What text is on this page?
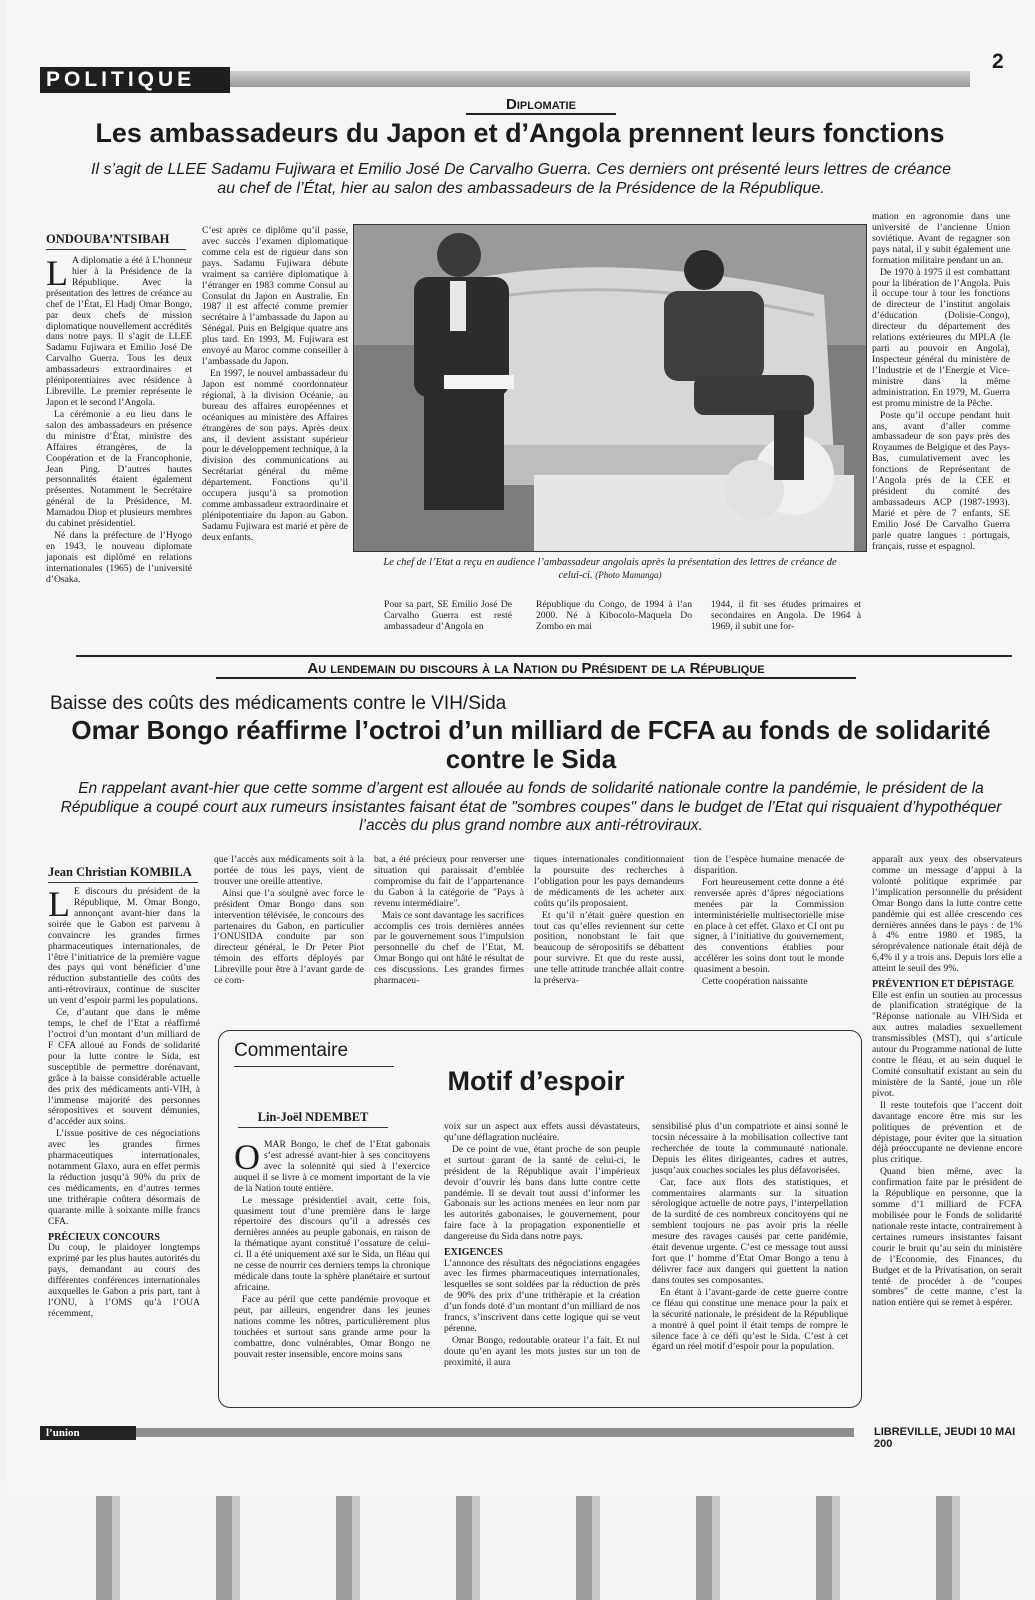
POLITIQUE
2
Diplomatie
Les ambassadeurs du Japon et d’Angola prennent leurs fonctions
Il s’agit de LLEE Sadamu Fujiwara et Emilio José De Carvalho Guerra. Ces derniers ont présenté leurs lettres de créance au chef de l’État, hier au salon des ambassadeurs de la Présidence de la République.
ONDOUBA’NTSIBAH

L A diplomatie a été à L’honneur hier à la Présidence de la République. Avec la présentation des lettres de créance au chef de l’État, El Hadj Omar Bongo, par deux chefs de mission diplomatique nouvellement accrédités dans notre pays. Il s’agit de LLEE Sadamu Fujiwara et Emilio José De Carvalho Guerra. Tous les deux ambassadeurs extraordinaires et plénipotentiaires avec résidence à Libreville. Le premier représente le Japon et le second l’Angola.

La cérémonie a eu lieu dans le salon des ambassadeurs en présence du ministre d’État, ministre des Affaires étrangères, de la Coopération et de la Francophonie, Jean Ping. D’autres hautes personnalités étaient également présentes. Notamment le Secrétaire général de la Présidence, M. Mamadou Diop et plusieurs membres du cabinet présidentiel.

Né dans la préfecture de l’Hyogo en 1943, le nouveau diplomate japonais est diplômé en relations internationales (1965) de l’université d’Osaka.

C’est après ce diplôme qu’il passe, avec succès l’examen diplomatique comme cela est de rigueur dans son pays. Sadamu Fujiwara débute vraiment sa carrière diplomatique à l’étranger en 1983 comme Consul au Consulat du Japon en Australie. En 1987 il est affecté comme premier secrétaire à l’ambassade du Japon au Sénégal. Puis en Belgique quatre ans plus tard. En 1993, M. Fujiwara est envoyé au Maroc comme conseiller à l’ambassade du Japon.

En 1997, le nouvel ambassadeur du Japon est nommé coordonnateur régional, à la division Océanie, au bureau des affaires européennes et océaniques au ministère des Affaires étrangères de son pays. Après deux ans, il devient assistant supérieur pour le développement technique, à la division des communications au Secrétariat général du même département. Fonctions qu’il occupera jusqu’à sa promotion comme ambassadeur extraordinaire et plénipotentiaire du Japon au Gabon. Sadamu Fujiwara est marié et père de deux enfants.

Le chef de l’Etat a reçu en audience l’ambassadeur angolais après la présentation des lettres de créance de celui-ci. (Photo Mamanga)

Pour sa part, SE Emilio José De Carvalho Guerra est resté ambassadeur d’Angola en

République du Congo, de 1994 à l’an 2000. Né à Kibocolo-Maquela Do Zombo en mai

1944, il fit ses études primaires et secondaires en Angola. De 1964 à 1969, il subit une for-

mation en agronomie dans une université de l’ancienne Union soviétique. Avant de regagner son pays natal, il y subit également une formation militaire pendant un an.

De 1970 à 1975 il est combattant pour la libération de l’Angola. Puis il occupe tour à tour les fonctions de directeur de l’institut angolais d’éducation (Dolisie-Congo), directeur du département des relations extérieures du MPLA (le parti au pouvoir en Angola), Inspecteur général du ministère de l’Industrie et de l’Energie et Vice-ministre dans la même administration. En 1979, M. Guerra est promu ministre de la Pêche.

Poste qu’il occupe pendant huit ans, avant d’aller comme ambassadeur de son pays près des Royaumes de Belgique et des Pays-Bas, cumulativement avec les fonctions de Représentant de l’Angola près de la CEE et président du comité des ambassadeurs ACP (1987-1993). Marié et père de 7 enfants, SE Emilio José De Carvalho Guerra parle quatre langues : portugais, français, russe et espagnol.

Au lendemain du discours à la Nation du Président de la République
Baisse des coûts des médicaments contre le VIH/Sida
Omar Bongo réaffirme l’octroi d’un milliard de FCFA au fonds de solidarité contre le Sida
En rappelant avant-hier que cette somme d’argent est allouée au fonds de solidarité nationale contre la pandémie, le président de la République a coupé court aux rumeurs insistantes faisant état de "sombres coupes" dans le budget de l’Etat qui risquaient d’hypothéquer l’accès du plus grand nombre aux anti-rétroviraux.
Jean Christian KOMBILA

L E discours du président de la République, M. Omar Bongo, annonçant avant-hier dans la soirée que le Gabon est parvenu à convaincre les grandes firmes pharmaceutiques internationales, de l’être l’initiatrice de la première vague des pays qui vont bénéficier d’une réduction substantielle des coûts des anti-rétroviraux, continue de susciter un vent d’espoir parmi les populations.

Ce, d’autant que dans le même temps, le chef de l’Etat a réaffirmé l’octroi d’un montant d’un milliard de F CFA alloué au Fonds de solidarité pour la lutte contre le Sida, est susceptible de permettre dorénavant, grâce à la baisse considérable actuelle des prix des médicaments anti-VIH, à l’immense majorité des personnes séropositives et souvent démunies, d’accéder aux soins.

L’issue positive de ces négociations avec les grandes firmes pharmaceutiques internationales, notamment Glaxo, aura en effet permis la réduction jusqu’à 90% du prix de ces médicaments, en d’autres termes une trithérapie coûtera désormais de quarante mille à soixante mille francs CFA.

PRÉCIEUX CONCOURS

Du coup, le plaidoyer longtemps exprimé par les plus hautes autorités du pays, demandant au cours des différentes conférences internationales auxquelles le Gabon a pris part, tant à l’ONU, à l’OMS qu’à l’OUA récemment,

que l’accès aux médicaments soit à la portée de tous les pays, vient de trouver une oreille attentive.

Ainsi que l’a soulgné avec force le président Omar Bongo dans son intervention télévisée, le concours des partenaires du Gabon, en particulier l’ONUSIDA conduite par son directeur général, le Dr Peter Piot témoin des efforts déployés par Libreville pour être à l’avant garde de ce com-

bat, a été précieux pour renverser une situation qui paraissait d’emblée compromise du fait de l’appartenance du Gabon à la catégorie de "Pays à revenu intermédiaire".

Mais ce sont davantage les sacrifices accomplis ces trois dernières années par le gouvernement sous l’impulsion personnelle du chef de l’Etat, M. Omar Bongo qui ont hâté le résultat de ces discussions. Les grandes firmes pharmaceu-

tiques internationales conditionnaient la poursuite des recherches à l’obligation pour les pays demandeurs de médicaments de les acheter aux coûts qu’ils proposaient.

Et qu’il n’était guère question en tout cas qu’elles reviennent sur cette position, nonobstant le fait que beaucoup de séropositifs se débattent pour survivre. Et que du reste aussi, une telle attitude tranchée allait contre la préserva-

tion de l’espèce humaine menacée de disparition.

Fort heureusement cette donne a été renversée après d’âpres négociations menées par la Commission interministérielle multisectorielle mise en place à cet effet. Glaxo et CI ont pu signer, à l’initiative du gouvernement, des conventions établies pour accélérer les soins dont tout le monde quasiment a besoin.

Cette coopération naissante

apparaît aux yeux des observateurs comme un message d’appui à la volonté politique exprimée par l’implication personnelle du président Omar Bongo dans la lutte contre cette pandémie qui est allée crescendo ces dernières années dans le pays : de 1% à 4% entre 1980 et 1985, la séroprévalence nationale était déjà de 6,4% il y a trois ans. Depuis lors elle a atteint le seuil des 9%.

PRÉVENTION ET DÉPISTAGE

Elle est enfin un soutien au processus de planification stratégique de la "Réponse nationale au VIH/Sida et aux autres maladies sexuellement transmissibles (MST), qui s’articule autour du Programme national de lutte contre le fléau, et au sein duquel le Comité consultatif existant au sein du ministère de la Santé, joue un rôle pivot.

Il reste toutefois que l’accent doit davantage encore être mis sur les politiques de prévention et de dépistage, pour éviter que la situation déjà préoccupante ne devienne encore plus critique.

Quand bien même, avec la confirmation faite par le président de la République en personne, que la somme d’1 milliard de FCFA mobilisée pour le Fonds de solidarité nationale reste intacte, contrairement à certaines rumeurs insistantes faisant courir le bruit qu’au sein du ministère de l’Economie, des Finances, du Budget et de la Privatisation, on serait tenté de procéder à de "coupes sombres" de cette manne, c’est la nation entière qui se remet à espérer.

Commentaire
Motif d’espoir
Lin-Joël NDEMBET

OMAR Bongo, le chef de l’Etat gabonais s’est adressé avant-hier à ses concitoyens avec la solennité qui sied à l’exercice auquel il se livre à ce moment important de la vie de la Nation toute entière.

Le message présidentiel avait, cette fois, quasiment tout d’une première dans le large répertoire des discours qu’il a adressés ces dernières années au peuple gabonais, en raison de la thématique ayant constitué l’ossature de celui-ci. Il a été uniquement axé sur le Sida, un fléau qui ne cesse de nourrir ces derniers temps la chronique médicale dans toute la sphère planétaire et surtout africaine.

Face au péril que cette pandémie provoque et peut, par ailleurs, engendrer dans les jeunes nations comme les nôtres, particulièrement plus touchées et surtout sans grande arme pour la combattre, donc vulnérables, Omar Bongo ne pouvait rester insensible, encore moins sans

voix sur un aspect aux effets aussi dévastateurs, qu’une déflagration nucléaire.

De ce point de vue, étant proche de son peuple et surtout garant de la santé de celui-ci, le président de la République avait l’impérieux devoir d’ouvrir les bans dans lutte contre cette pandémie. Il se devait tout aussi d’informer les Gabonais sur les actions menées en leur nom par les autorités gabonaises, le gouvernement, pour faire face à la propagation exponentielle et dangereuse du Sida dans notre pays.

EXIGENCES

L’annonce des résultats des négociations engagées avec les firmes pharmaceutiques internationales, lesquelles se sont soldées par la réduction de près de 90% des prix d’une trithérapie et la création d’un fonds doté d’un montant d’un milliard de nos francs, s’inscrivent dans cette logique qui se veut pérenne.

Omar Bongo, redoutable orateur l’a fait. Et nul doute qu’en ayant les mots justes sur un ton de proximité, il aura

sensibilisé plus d’un compatriote et ainsi sonné le tocsin nécessaire à la mobilisation collective tant recherchée de toute la communauté nationale. Depuis les élites dirigeantes, cadres et autres, jusqu’aux couches sociales les plus défavorisées.

Car, face aux flots des statistiques, et commentaires alarmants sur la situation sérologique actuelle de notre pays, l’interpellation de la surdité de ces nombreux concitoyens qui ne semblent toujours ne pas avoir pris la réelle mesure des ravages causés par cette pandémie, était devenue urgente. C’est ce message tout aussi fort que l’ homme d’Etat Omar Bongo a tenu à délivrer face aux dangers qui guettent la nation dans toutes ses composantes.

En étant à l’avant-garde de cette guerre contre ce fléau qui constitue une menace pour la paix et la sécurité nationale, le président de la République a montré à quel point il était temps de rompre le silence face à ce défi qu’est le Sida. C’est à cet égard un réel motif d’espoir pour la population.

l’union	LIBREVILLE, JEUDI 10 MAI 200
